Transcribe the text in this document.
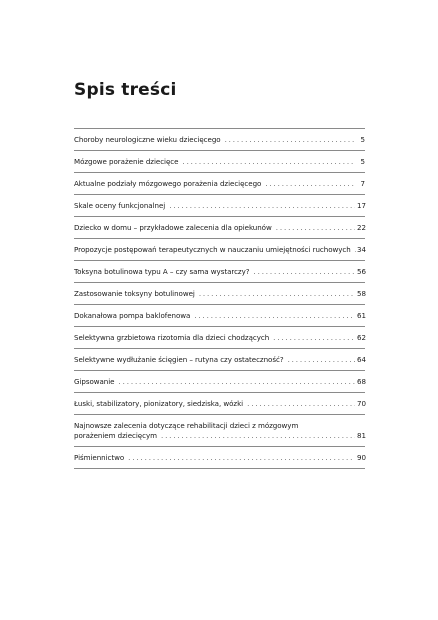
Spis treści
Choroby neurologiczne wieku dziecięcego . . .	5
Mózgowe porażenie dziecięce . . .	5
Aktualne podziały mózgowego porażenia dziecięcego . . .	7
Skale oceny funkcjonalnej . . .	17
Dziecko w domu – przykładowe zalecenia dla opiekunów . . .	22
Propozycje postępowań terapeutycznych w nauczaniu umiejętności ruchowych . . . 34
Toksyna botulinowa typu A – czy sama wystarczy? . . .	56
Zastosowanie toksyny botulinowej . . .	58
Dokanałowa pompa baklofenowa . . .	61
Selektywna grzbietowa rizotomia dla dzieci chodzących . . .	62
Selektywne wydłużanie ścięgien – rutyna czy ostateczność? . . .	64
Gipsowanie . . .	68
Łuski, stabilizatory, pionizatory, siedziska, wózki . . .	70
Najnowsze zalecenia dotyczące rehabilitacji dzieci z mózgowym
porażeniem dziecięcym . . .	81
Piśmiennictwo . . .	90
